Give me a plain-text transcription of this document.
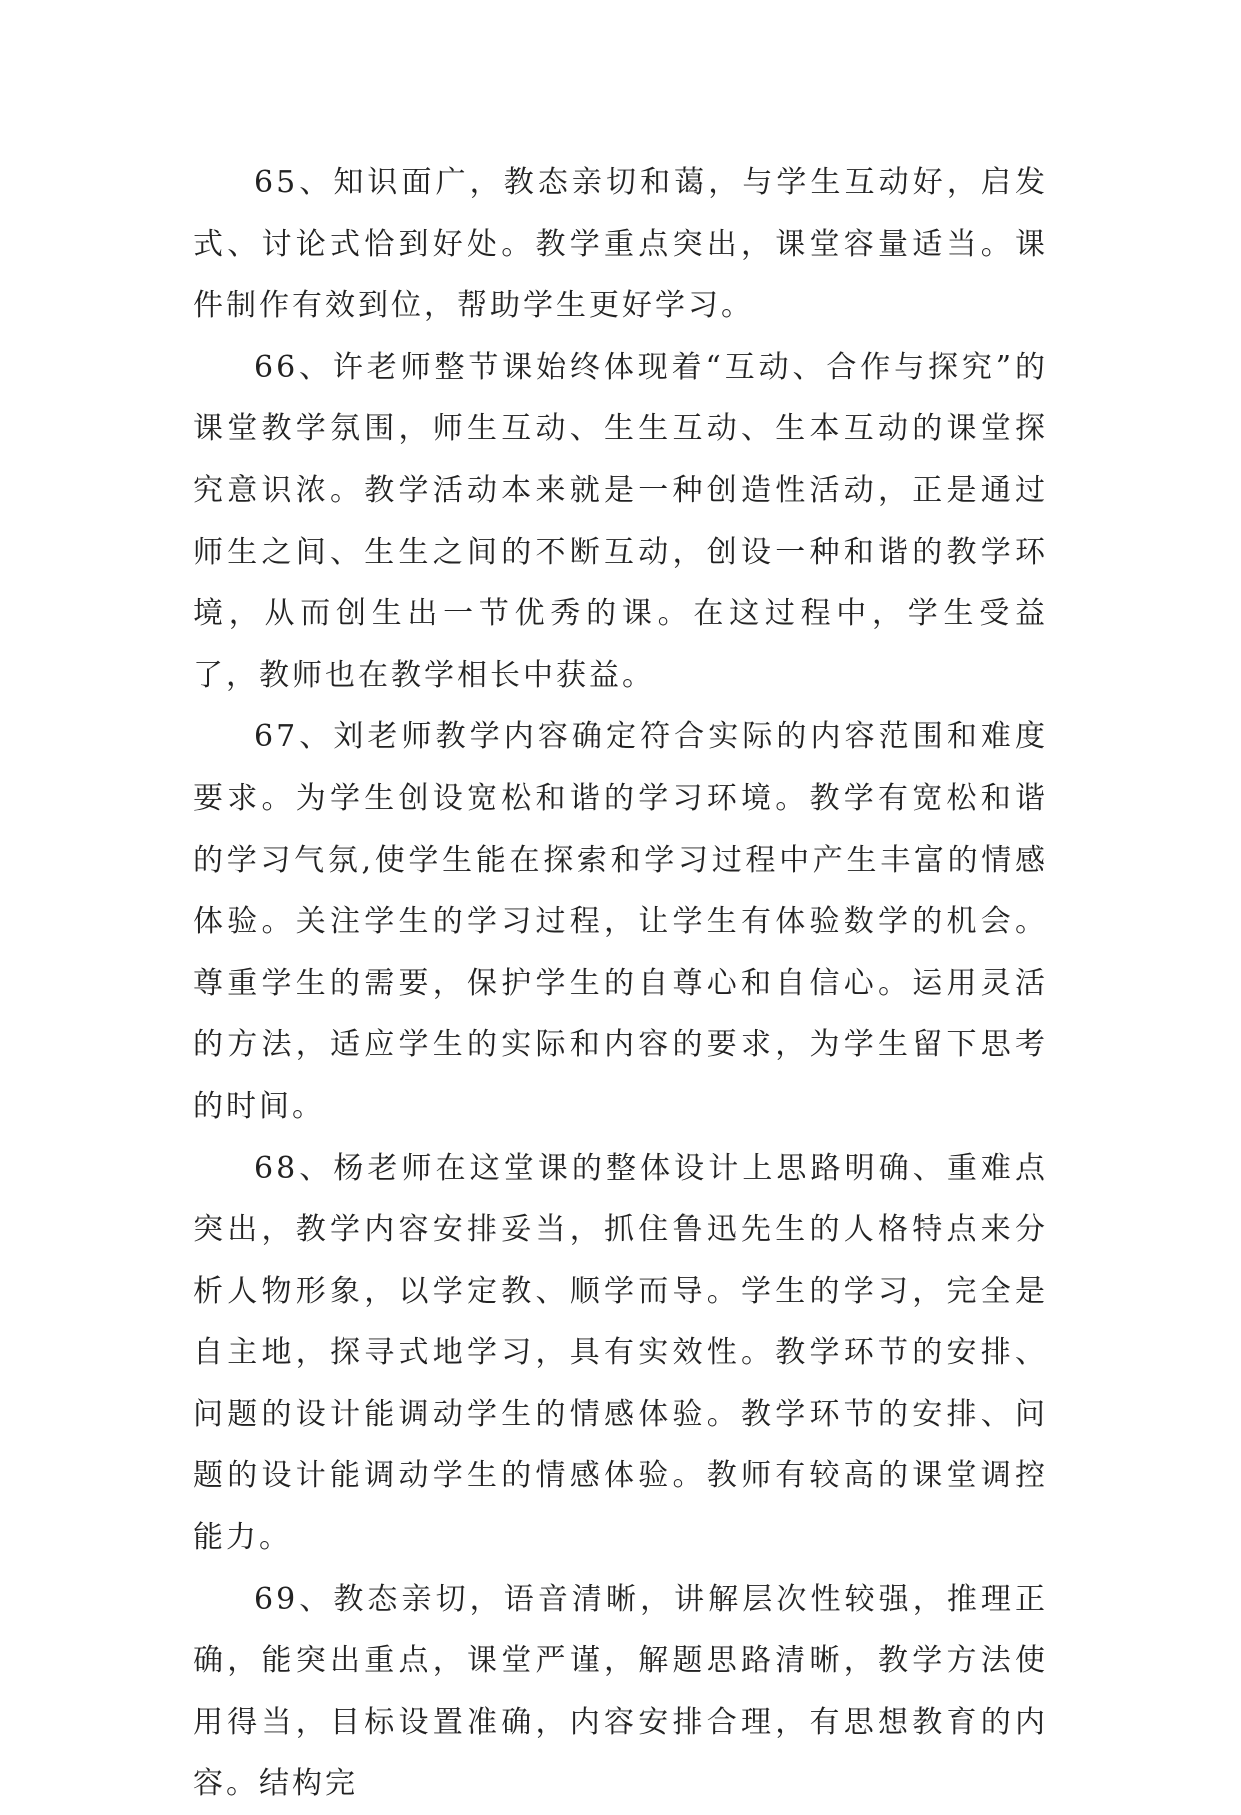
65、知识面广，教态亲切和蔼，与学生互动好，启发式、讨论式恰到好处。教学重点突出，课堂容量适当。课件制作有效到位，帮助学生更好学习。

66、许老师整节课始终体现着“互动、合作与探究”的课堂教学氛围，师生互动、生生互动、生本互动的课堂探究意识浓。教学活动本来就是一种创造性活动，正是通过师生之间、生生之间的不断互动，创设一种和谐的教学环境，从而创生出一节优秀的课。在这过程中，学生受益了，教师也在教学相长中获益。

67、刘老师教学内容确定符合实际的内容范围和难度要求。为学生创设宽松和谐的学习环境。教学有宽松和谐的学习气氛,使学生能在探索和学习过程中产生丰富的情感体验。关注学生的学习过程，让学生有体验数学的机会。尊重学生的需要，保护学生的自尊心和自信心。运用灵活的方法，适应学生的实际和内容的要求，为学生留下思考的时间。

68、杨老师在这堂课的整体设计上思路明确、重难点突出，教学内容安排妥当，抓住鲁迅先生的人格特点来分析人物形象，以学定教、顺学而导。学生的学习，完全是自主地，探寻式地学习，具有实效性。教学环节的安排、问题的设计能调动学生的情感体验。教学环节的安排、问题的设计能调动学生的情感体验。教师有较高的课堂调控能力。

69、教态亲切，语音清晰，讲解层次性较强，推理正确，能突出重点，课堂严谨，解题思路清晰，教学方法使用得当，目标设置准确，内容安排合理，有思想教育的内容。结构完
